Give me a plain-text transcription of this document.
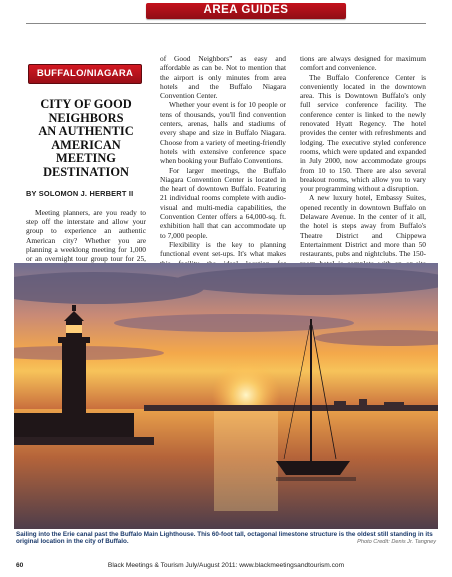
AREA GUIDES
BUFFALO/NIAGARA
CITY OF GOOD
NEIGHBORS
AN AUTHENTIC
AMERICAN MEETING
DESTINATION
BY SOLOMON J. HERBERT II

Meeting planners, are you ready to step off the interstate and allow your group to experience an authentic American city? Whether you are planning a weeklong meeting for 1,000 or an overnight tour group tour for 25,

of Good Neighbors” as easy and affordable as can be. Not to mention that the airport is only minutes from area hotels and the Buffalo Niagara Convention Center.

Whether your event is for 10 people or tens of thousands, you'll find convention centers, arenas, halls and stadiums of every shape and size in Buffalo Niagara. Choose from a variety of meeting-friendly hotels with extensive conference space when booking your Buffalo Conventions.

For larger meetings, the Buffalo Niagara Convention Center is located in the heart of downtown Buffalo. Featuring 21 individual rooms complete with audio-visual and multi-media capabilities, the Convention Center offers a 64,000-sq. ft. exhibition hall that can accommodate up to 7,000 people.

Flexibility is the key to planning functional event set-ups. It's what makes

tions are always designed for maximum comfort and convenience.

The Buffalo Conference Center is conveniently located in the downtown area. This is Downtown Buffalo's only full service conference facility. The conference center is linked to the newly renovated Hyatt Regency. The hotel provides the center with refreshments and lodging. The executive styled conference rooms, which were updated and expanded in July 2000, now accommodate groups from 10 to 150. There are also several breakout rooms, which allow you to vary your programming without a disruption.

A new luxury hotel, Embassy Suites, opened recently in downtown Buffalo on Delaware Avenue. In the center of it all, the hotel is steps away from Buffalo's Theatre District and Chippewa Entertainment District and more than 50 restaurants, pubs and nightclubs. The 150-

Sailing into the Erie canal past the Buffalo Main Lighthouse. This 60-foot tall, octagonal limestone structure is the oldest still standing in its original location in the city of Buffalo.	Photo Credit: Denis Jr. Tangney
60	Black Meetings & Tourism July/August 2011: www.blackmeetingsandtourism.com
